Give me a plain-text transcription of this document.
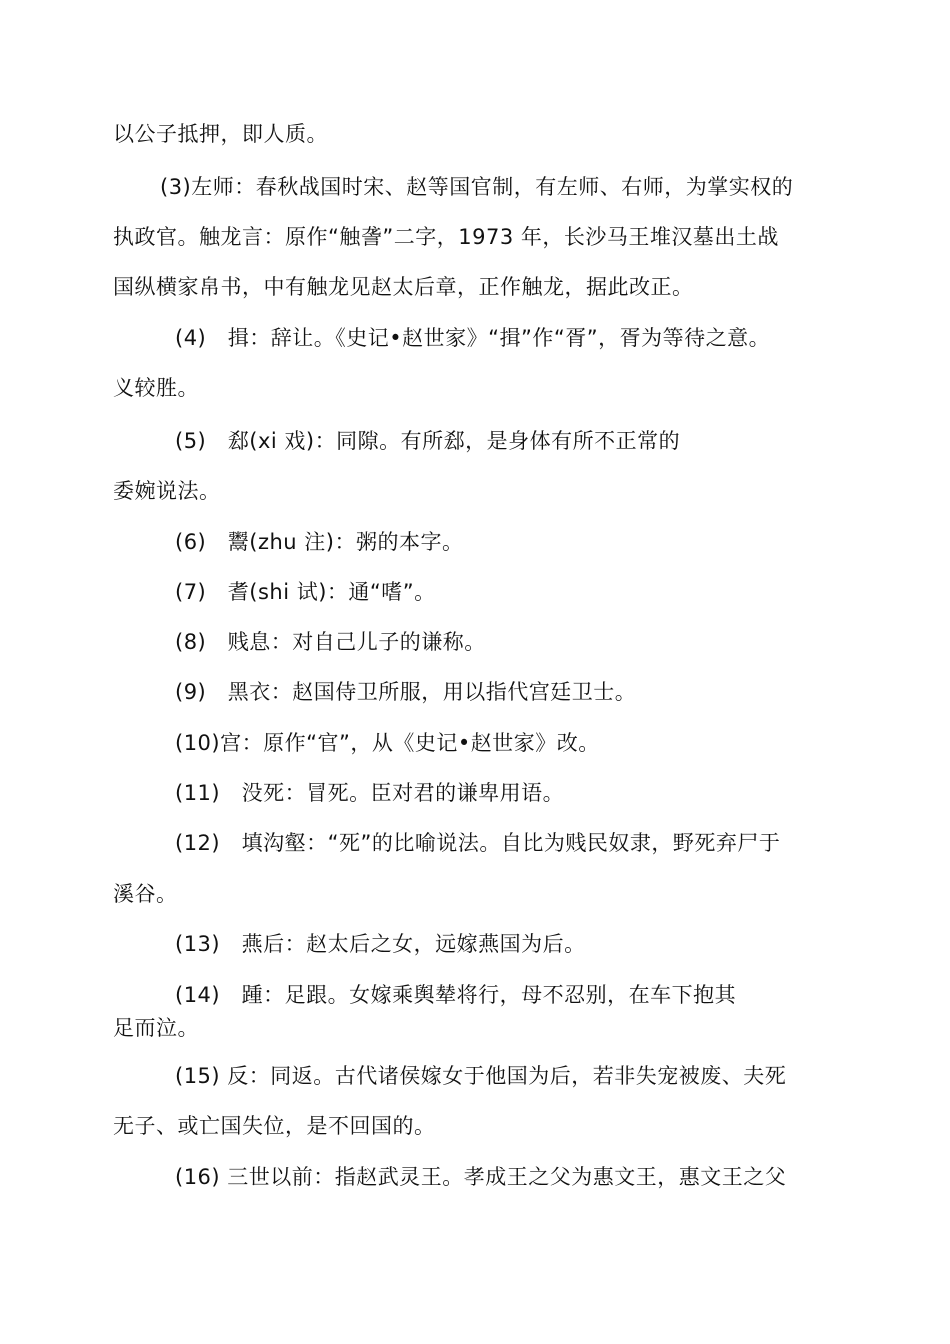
以公子抵押，即人质。
(3)左师：春秋战国时宋、赵等国官制，有左师、右师，为掌实权的
执政官。触龙言：原作“触詟”二字，1973 年，长沙马王堆汉墓出土战
国纵横家帛书，中有触龙见赵太后章，正作触龙，据此改正。
(4)　揖：辞让。《史记•赵世家》“揖”作“胥”，胥为等待之意。
义较胜。
(5)　郄(xi 戏)：同隙。有所郄，是身体有所不正常的
委婉说法。
(6)　鬻(zhu 注)：粥的本字。
(7)　耆(shi 试)：通“嗜”。
(8)　贱息：对自己儿子的谦称。
(9)　黑衣：赵国侍卫所服，用以指代宫廷卫士。
(10)宫：原作“官”，从《史记•赵世家》改。
(11)　没死：冒死。臣对君的谦卑用语。
(12)　填沟壑：“死”的比喻说法。自比为贱民奴隶，野死弃尸于
溪谷。
(13)　燕后：赵太后之女，远嫁燕国为后。
(14)　踵：足跟。女嫁乘舆辇将行，母不忍别，在车下抱其
足而泣。
(15) 反：同返。古代诸侯嫁女于他国为后，若非失宠被废、夫死
无子、或亡国失位，是不回国的。
(16) 三世以前：指赵武灵王。孝成王之父为惠文王，惠文王之父
